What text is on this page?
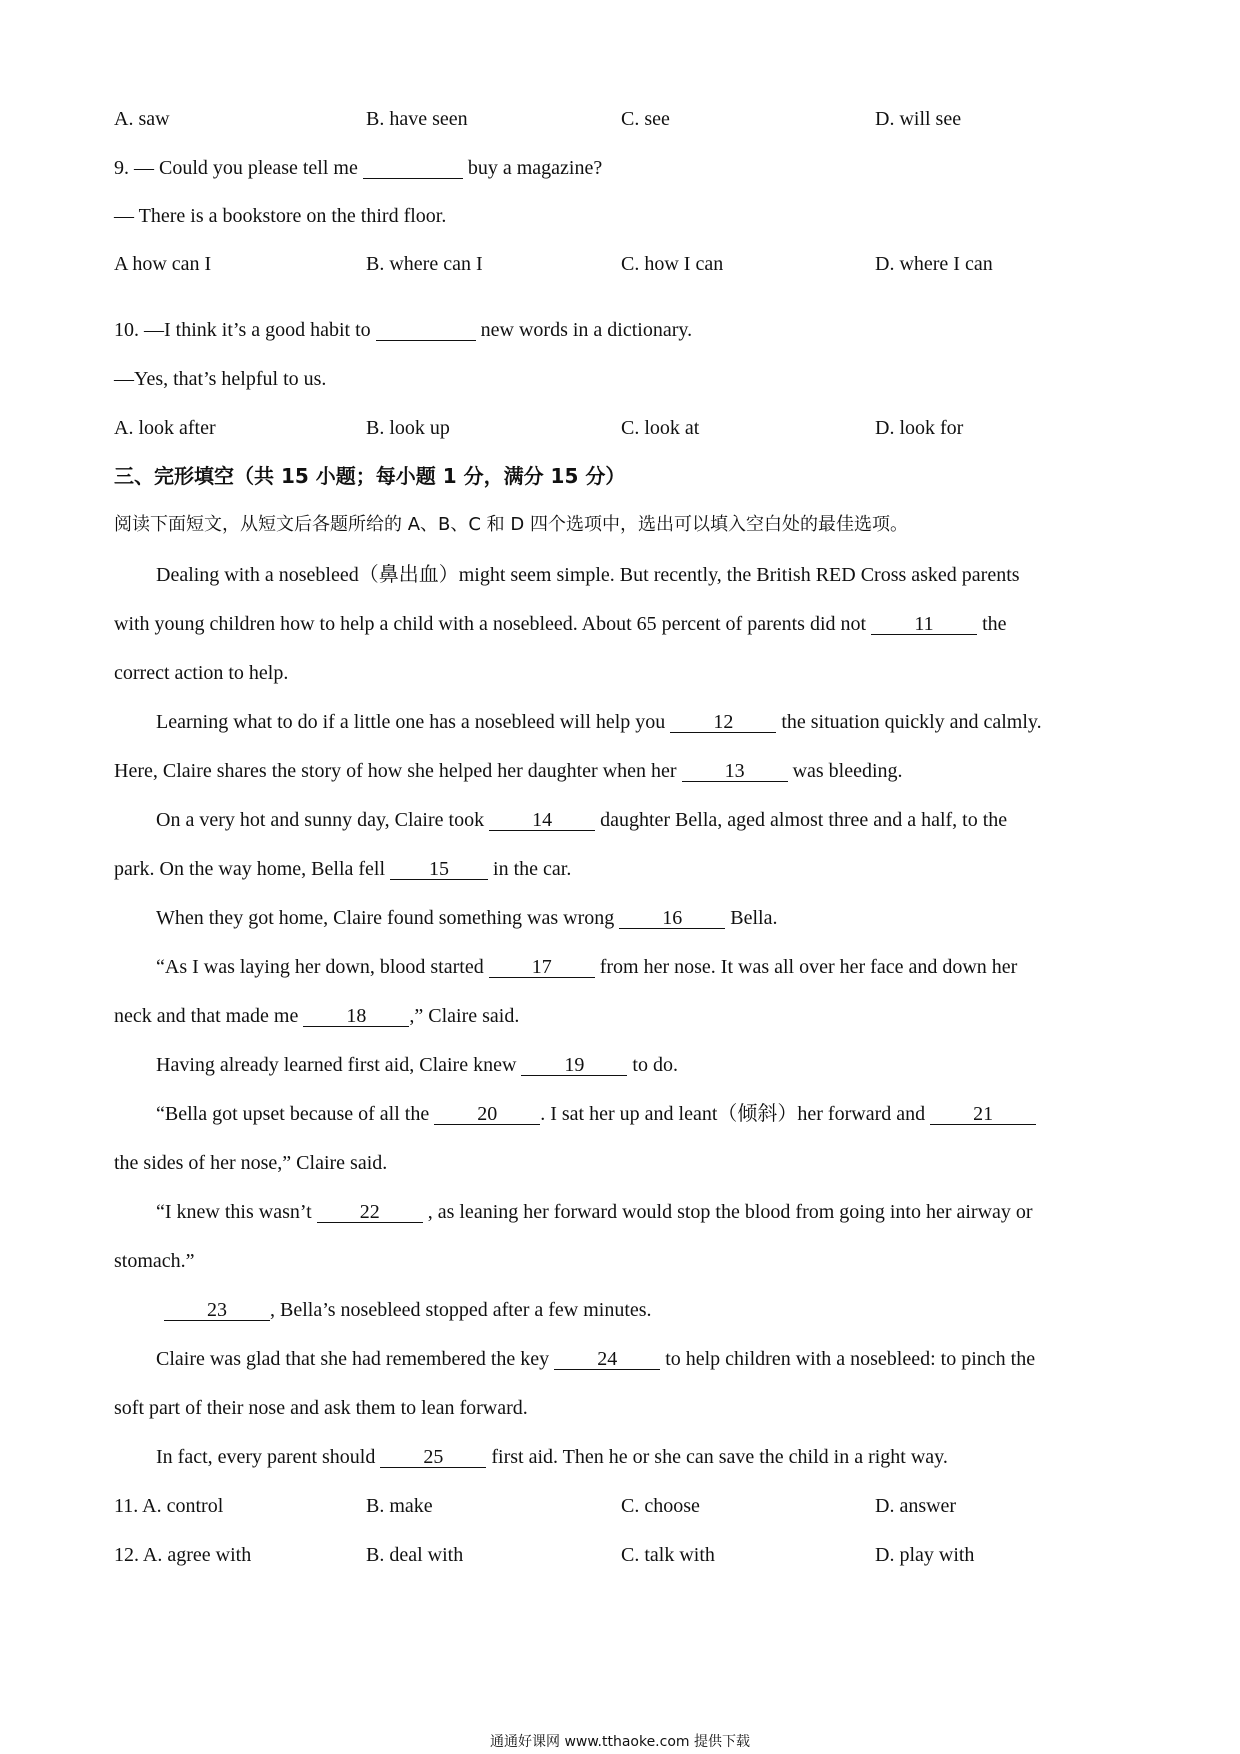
A. saw	B. have seen	C. see	D. will see
9. — Could you please tell me	buy a magazine?
— There is a bookstore on the third floor.
A how can I	B. where can I	C. how I can	D. where I can
10. —I think it’s a good habit to	new words in a dictionary.
—Yes, that’s helpful to us.
A. look after	B. look up	C. look at	D. look for
三、完形填空（共 15 小题；每小题 1 分，满分 15 分）
阅读下面短文，从短文后各题所给的 A、B、C 和 D 四个选项中，选出可以填入空白处的最佳选项。
Dealing with a nosebleed（鼻出血）might seem simple. But recently, the British RED Cross asked parents
with young children how to help a child with a nosebleed. About 65 percent of parents did not 11 the
correct action to help.
Learning what to do if a little one has a nosebleed will help you 12 the situation quickly and calmly.
Here, Claire shares the story of how she helped her daughter when her 13 was bleeding.
On a very hot and sunny day, Claire took 14 daughter Bella, aged almost three and a half, to the
park. On the way home, Bella fell 15 in the car.
When they got home, Claire found something was wrong 16 Bella.
“As I was laying her down, blood started 17 from her nose. It was all over her face and down her
neck and that made me 18 ,” Claire said.
Having already learned first aid, Claire knew 19 to do.
“Bella got upset because of all the 20 . I sat her up and leant（倾斜）her forward and 21
the sides of her nose,” Claire said.
“I knew this wasn’t 22 , as leaning her forward would stop the blood from going into her airway or
stomach.”
23 , Bella’s nosebleed stopped after a few minutes.
Claire was glad that she had remembered the key 24 to help children with a nosebleed: to pinch the
soft part of their nose and ask them to lean forward.
In fact, every parent should 25 first aid. Then he or she can save the child in a right way.
11. A. control	B. make	C. choose	D. answer
12. A. agree with	B. deal with	C. talk with	D. play with
通通好课网 www.tthaoke.com 提供下载
